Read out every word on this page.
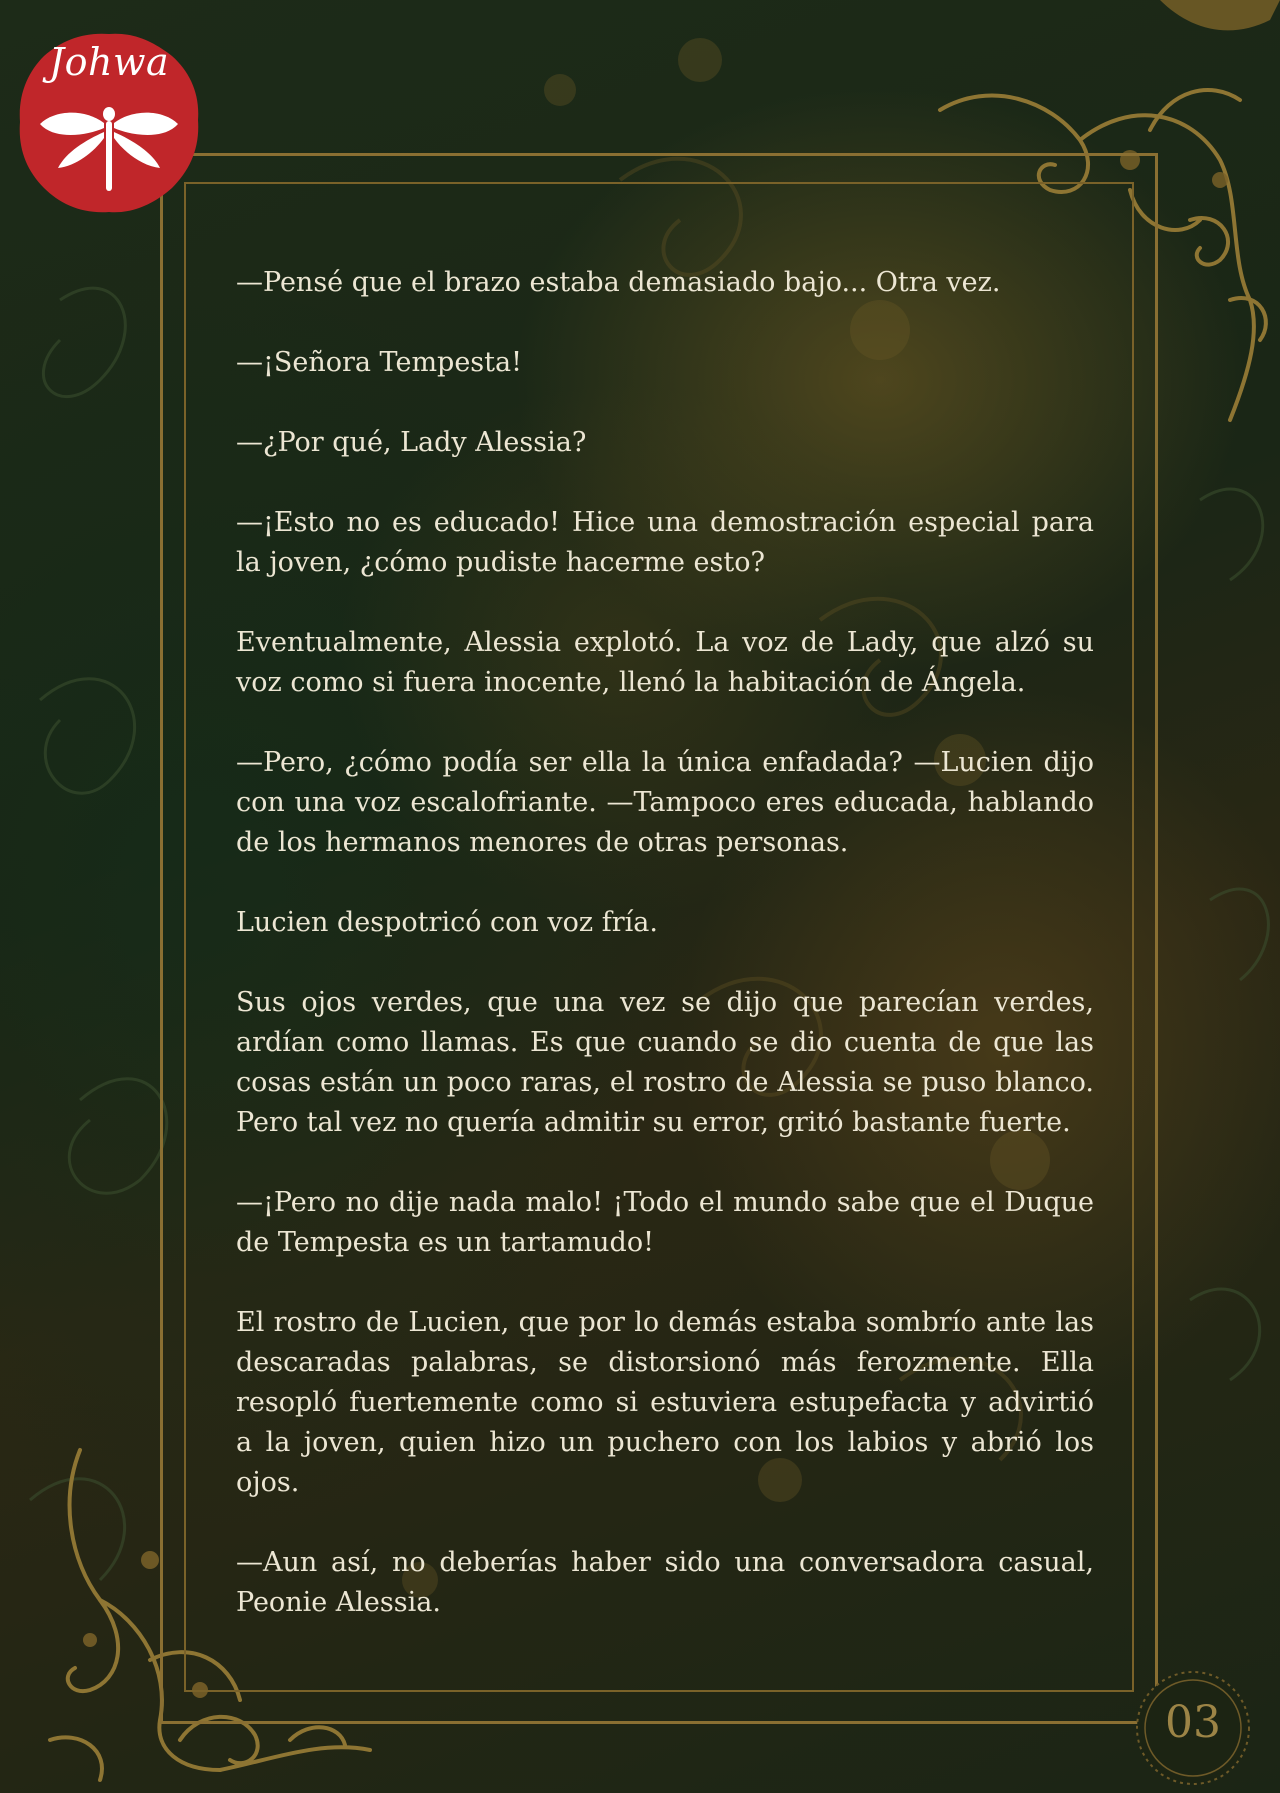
Johwa

—Pensé que el brazo estaba demasiado bajo... Otra vez.

—¡Señora Tempesta!

—¿Por qué, Lady Alessia?

—¡Esto no es educado! Hice una demostración especial para la joven, ¿cómo pudiste hacerme esto?

Eventualmente, Alessia explotó. La voz de Lady, que alzó su voz como si fuera inocente, llenó la habitación de Ángela.

—Pero, ¿cómo podía ser ella la única enfadada? —Lucien dijo con una voz escalofriante. —Tampoco eres educada, hablando de los hermanos menores de otras personas.

Lucien despotricó con voz fría.

Sus ojos verdes, que una vez se dijo que parecían verdes, ardían como llamas. Es que cuando se dio cuenta de que las cosas están un poco raras, el rostro de Alessia se puso blanco. Pero tal vez no quería admitir su error, gritó bastante fuerte.

—¡Pero no dije nada malo! ¡Todo el mundo sabe que el Duque de Tempesta es un tartamudo!

El rostro de Lucien, que por lo demás estaba sombrío ante las descaradas palabras, se distorsionó más ferozmente. Ella resopló fuertemente como si estuviera estupefacta y advirtió a la joven, quien hizo un puchero con los labios y abrió los ojos.

—Aun así, no deberías haber sido una conversadora casual, Peonie Alessia.

03
